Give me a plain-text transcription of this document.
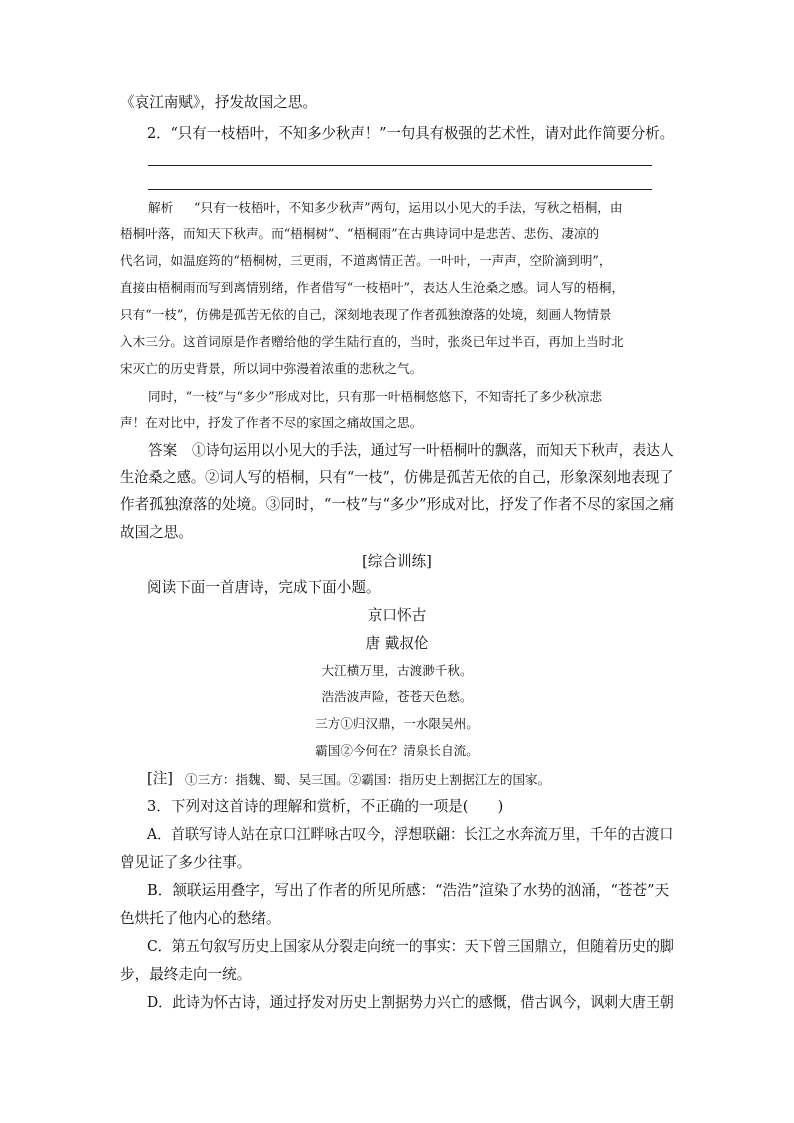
《哀江南赋》，抒发故国之思。
2．“只有一枝梧叶，不知多少秋声！”一句具有极强的艺术性，请对此作简要分析。
解析 “只有一枝梧叶，不知多少秋声”两句，运用以小见大的手法，写秋之梧桐，由
梧桐叶落，而知天下秋声。而“梧桐树”、“梧桐雨”在古典诗词中是悲苦、悲伤、凄凉的
代名词，如温庭筠的“梧桐树，三更雨，不道离情正苦。一叶叶，一声声，空阶滴到明”，
直接由梧桐雨而写到离情别绪，作者借写“一枝梧叶”，表达人生沧桑之感。词人写的梧桐，
只有“一枝”，仿佛是孤苦无依的自己，深刻地表现了作者孤独潦落的处境，刻画人物情景
入木三分。这首词原是作者赠给他的学生陆行直的，当时，张炎已年过半百，再加上当时北
宋灭亡的历史背景，所以词中弥漫着浓重的悲秋之气。
同时，“一枝”与“多少”形成对比，只有那一叶梧桐悠悠下，不知寄托了多少秋凉悲
声！在对比中，抒发了作者不尽的家国之痛故国之思。
答案 ①诗句运用以小见大的手法，通过写一叶梧桐叶的飘落，而知天下秋声，表达人
生沧桑之感。②词人写的梧桐，只有“一枝”，仿佛是孤苦无依的自己，形象深刻地表现了
作者孤独潦落的处境。③同时，“一枝”与“多少”形成对比，抒发了作者不尽的家国之痛
故国之思。
[综合训练]
阅读下面一首唐诗，完成下面小题。
京口怀古
唐 戴叔伦
大江横万里，古渡渺千秋。
浩浩波声险，苍苍天色愁。
三方①归汉鼎，一水限吴州。
霸国②今何在？清泉长自流。
[注] ①三方：指魏、蜀、吴三国。②霸国：指历史上割据江左的国家。
3．下列对这首诗的理解和赏析，不正确的一项是(　　)
A．首联写诗人站在京口江畔咏古叹今，浮想联翩：长江之水奔流万里，千年的古渡口
曾见证了多少往事。
B．颔联运用叠字，写出了作者的所见所感：“浩浩”渲染了水势的汹涌，“苍苍”天
色烘托了他内心的愁绪。
C．第五句叙写历史上国家从分裂走向统一的事实：天下曾三国鼎立，但随着历史的脚
步，最终走向一统。
D．此诗为怀古诗，通过抒发对历史上割据势力兴亡的感慨，借古讽今，讽刺大唐王朝
